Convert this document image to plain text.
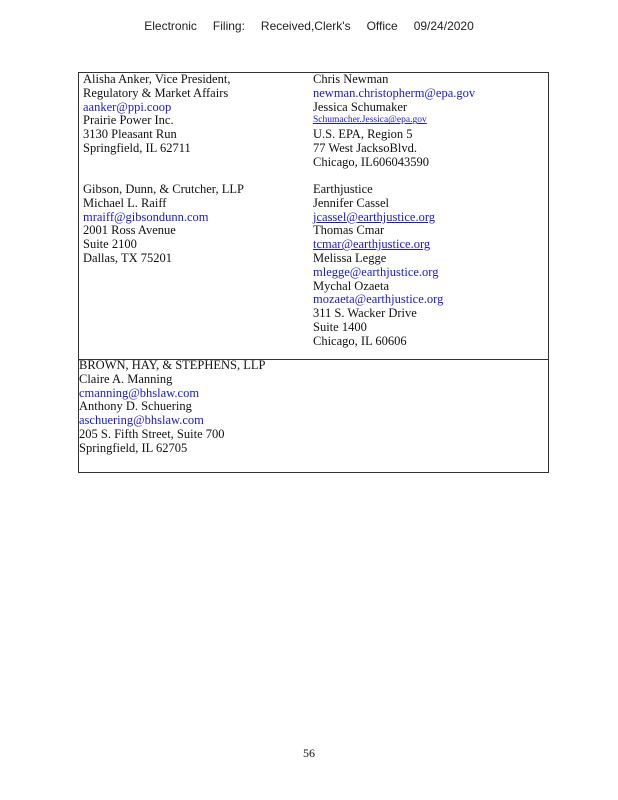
Electronic Filing: Received,Clerk's Office 09/24/2020
Alisha Anker, Vice President,
Regulatory & Market Affairs
aanker@ppi.coop
Prairie Power Inc.
3130 Pleasant Run
Springfield, IL 62711
Chris Newman
newman.christopherm@epa.gov
Jessica Schumaker
Schumacher.Jessica@epa.gov
U.S. EPA, Region 5
77 West JacksoBlvd.
Chicago, IL606043590
Gibson, Dunn, & Crutcher, LLP
Michael L. Raiff
mraiff@gibsondunn.com
2001 Ross Avenue
Suite 2100
Dallas, TX 75201
Earthjustice
Jennifer Cassel
jcassel@earthjustice.org
Thomas Cmar
tcmar@earthjustice.org
Melissa Legge
mlegge@earthjustice.org
Mychal Ozaeta
mozaeta@earthjustice.org
311 S. Wacker Drive
Suite 1400
Chicago, IL 60606
BROWN, HAY, & STEPHENS, LLP
Claire A. Manning
cmanning@bhslaw.com
Anthony D. Schuering
aschuering@bhslaw.com
205 S. Fifth Street, Suite 700
Springfield, IL 62705
56
